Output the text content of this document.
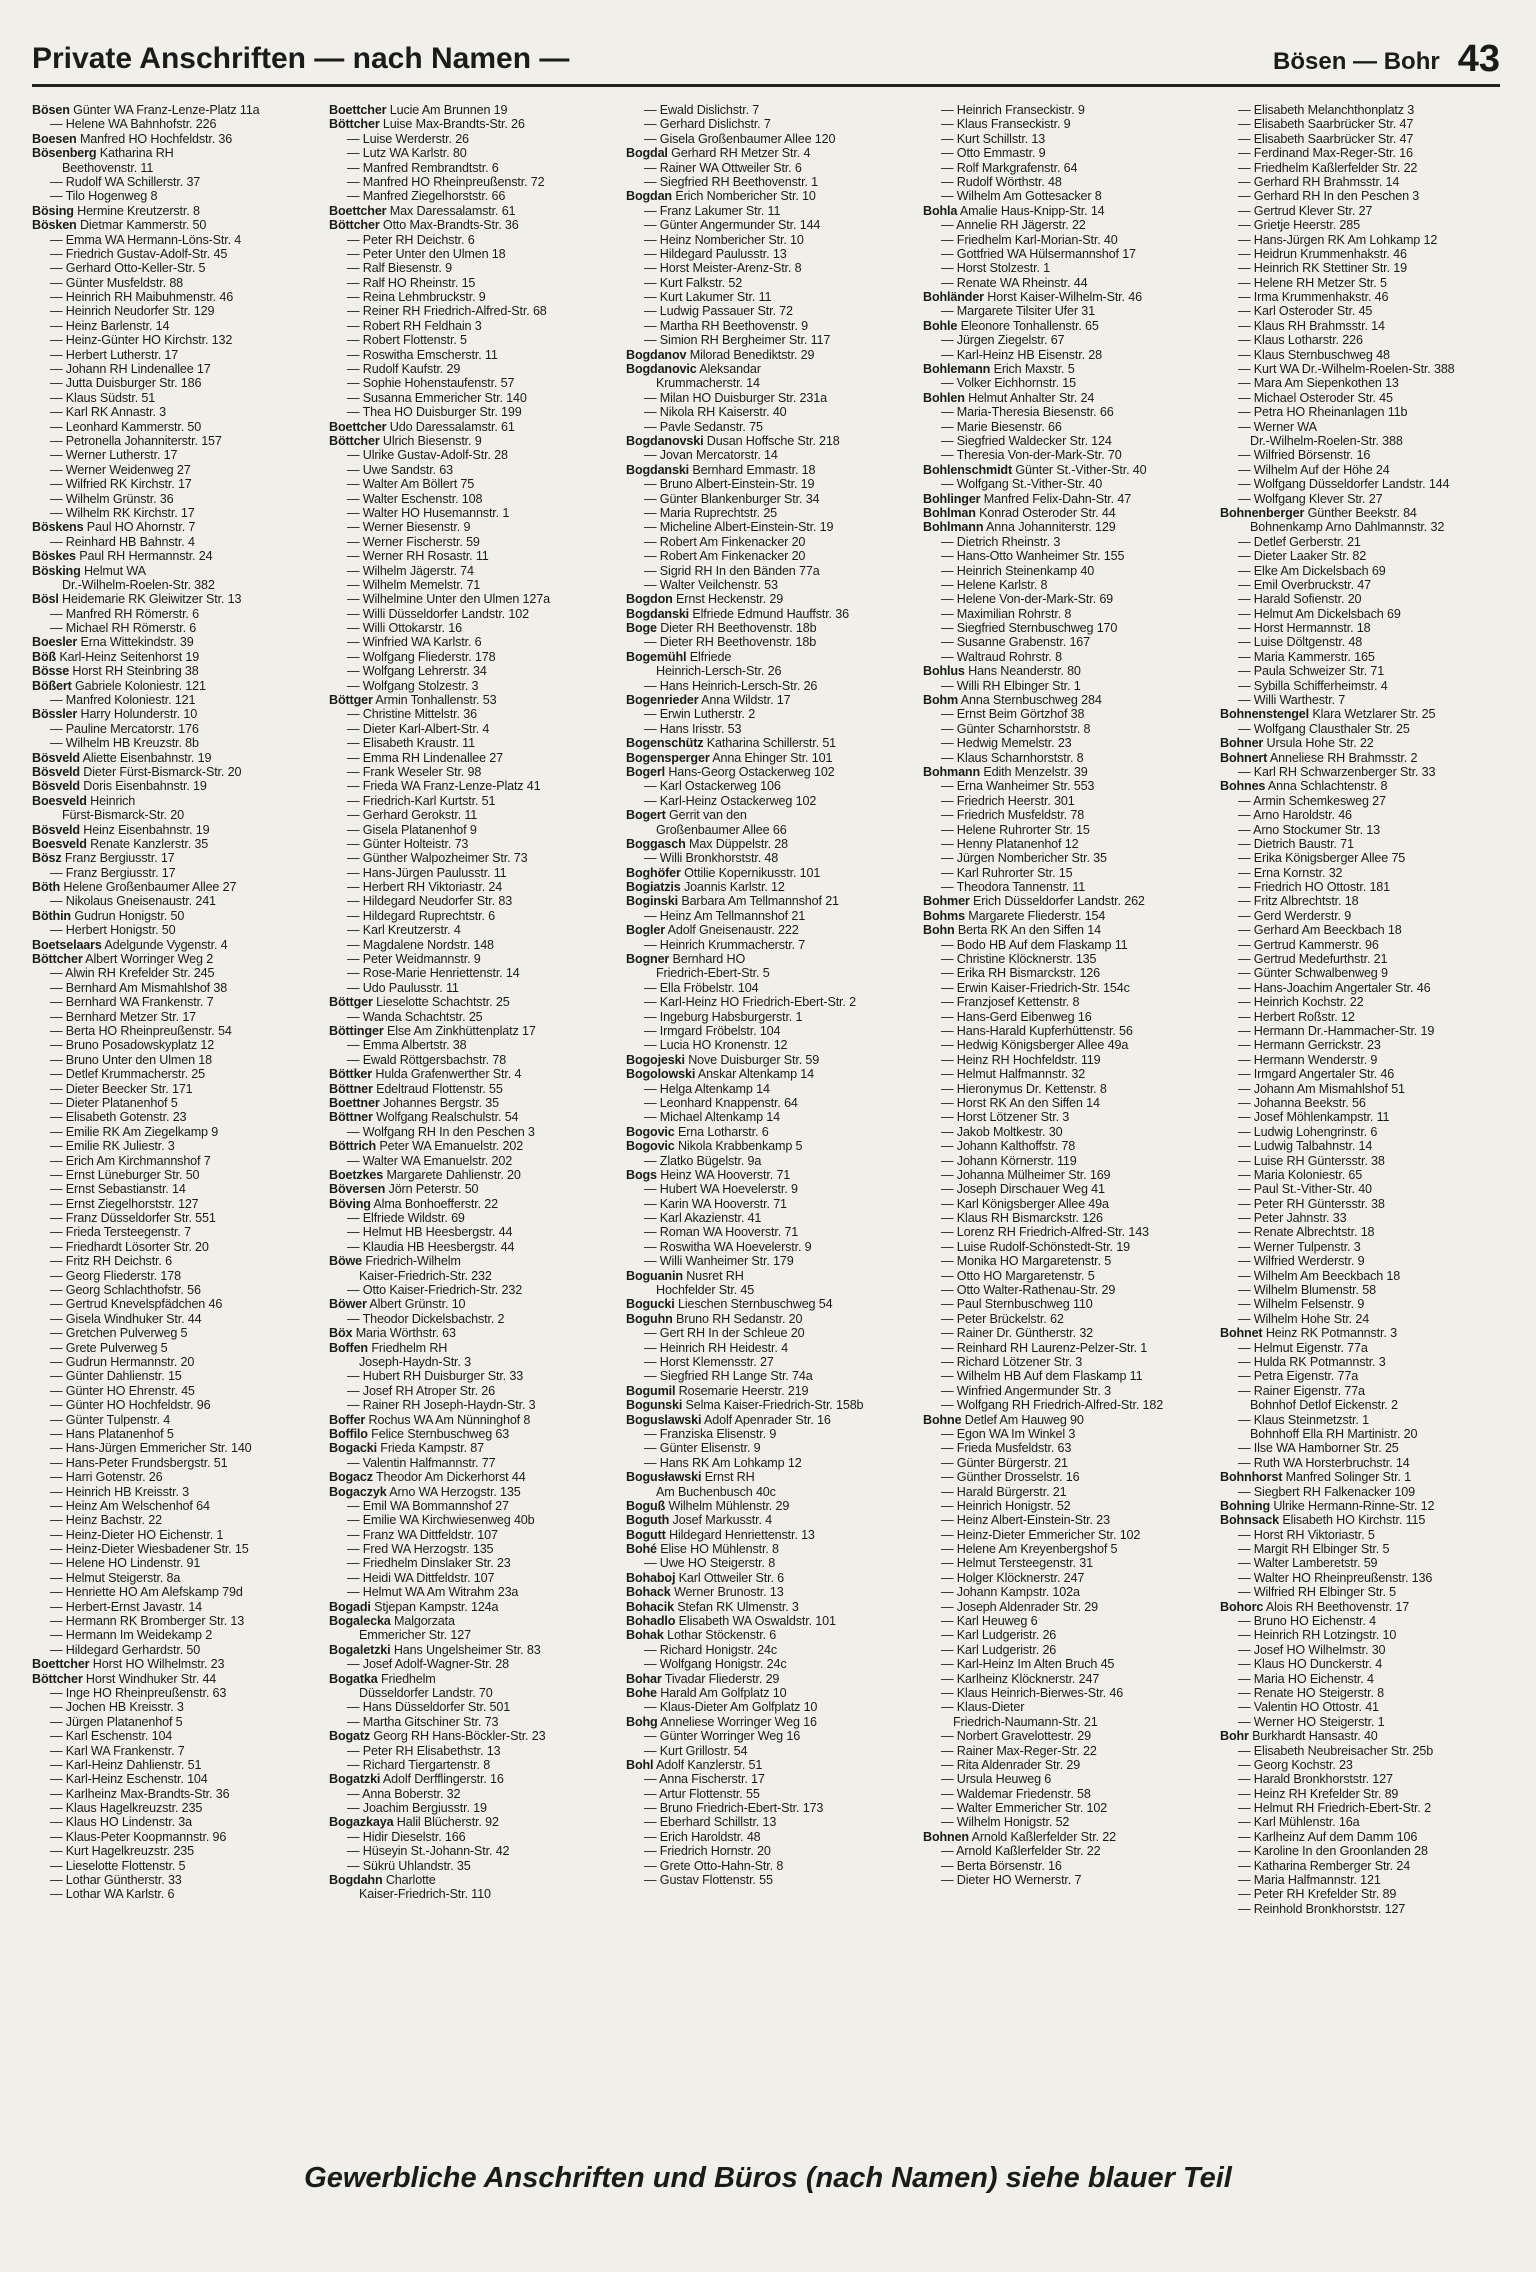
Private Anschriften — nach Namen —	Bösen — Bohr 43
Bösen Günter WA Franz-Lenze-Platz 11a
— Helene WA Bahnhofstr. 226
Boesen Manfred HO Hochfeldstr. 36
Bösenberg Katharina RH
Beethovenstr. 11
— Rudolf WA Schillerstr. 37
— Tilo Hogenweg 8
Bösing Hermine Kreutzerstr. 8
Bösken Dietmar Kammerstr. 50
— Emma WA Hermann-Löns-Str. 4
— Friedrich Gustav-Adolf-Str. 45
— Gerhard Otto-Keller-Str. 5
— Günter Musfeldstr. 88
— Heinrich RH Maibuhmenstr. 46
— Heinrich Neudorfer Str. 129
— Heinz Barlenstr. 14
— Heinz-Günter HO Kirchstr. 132
— Herbert Lutherstr. 17
— Johann RH Lindenallee 17
— Jutta Duisburger Str. 186
— Klaus Südstr. 51
— Karl RK Annastr. 3
— Leonhard Kammerstr. 50
— Petronella Johanniterstr. 157
— Werner Lutherstr. 17
— Werner Weidenweg 27
— Wilfried RK Kirchstr. 17
— Wilhelm Grünstr. 36
— Wilhelm RK Kirchstr. 17
Böskens Paul HO Ahornstr. 7
— Reinhard HB Bahnstr. 4
Böskes Paul RH Hermannstr. 24
Bösking Helmut WA
Dr.-Wilhelm-Roelen-Str. 382
Bösl Heidemarie RK Gleiwitzer Str. 13
— Manfred RH Römerstr. 6
— Michael RH Römerstr. 6
Boesler Erna Wittekindstr. 39
Böß Karl-Heinz Seitenhorst 19
Bösse Horst RH Steinbring 38
Bößert Gabriele Koloniestr. 121
— Manfred Koloniestr. 121
Bössler Harry Holunderstr. 10
— Pauline Mercatorstr. 176
— Wilhelm HB Kreuzstr. 8b
Bösveld Aliette Eisenbahnstr. 19
Bösveld Dieter Fürst-Bismarck-Str. 20
Bösveld Doris Eisenbahnstr. 19
Boesveld Heinrich
Fürst-Bismarck-Str. 20
Bösveld Heinz Eisenbahnstr. 19
Boesveld Renate Kanzlerstr. 35
Bösz Franz Bergiusstr. 17
— Franz Bergiusstr. 17
Böth Helene Großenbaumer Allee 27
— Nikolaus Gneisenaustr. 241
Böthin Gudrun Honigstr. 50
— Herbert Honigstr. 50
Boetselaars Adelgunde Vygenstr. 4
Böttcher Albert Worringer Weg 2
— Alwin RH Krefelder Str. 245
— Bernhard Am Mismahlshof 38
— Bernhard WA Frankenstr. 7
— Bernhard Metzer Str. 17
— Berta HO Rheinpreußenstr. 54
— Bruno Posadowskyplatz 12
— Bruno Unter den Ulmen 18
— Detlef Krummacherstr. 25
— Dieter Beecker Str. 171
— Dieter Platanenhof 5
— Elisabeth Gotenstr. 23
— Emilie RK Am Ziegelkamp 9
— Emilie RK Juliestr. 3
— Erich Am Kirchmannshof 7
— Ernst Lüneburger Str. 50
— Ernst Sebastianstr. 14
— Ernst Ziegelhorststr. 127
— Franz Düsseldorfer Str. 551
— Frieda Tersteegenstr. 7
— Friedhardt Lösorter Str. 20
— Fritz RH Deichstr. 6
— Georg Fliederstr. 178
— Georg Schlachthofstr. 56
— Gertrud Knevelspfädchen 46
— Gisela Windhuker Str. 44
— Gretchen Pulverweg 5
— Grete Pulverweg 5
— Gudrun Hermannstr. 20
— Günter Dahlienstr. 15
— Günter HO Ehrenstr. 45
— Günter HO Hochfeldstr. 96
— Günter Tulpenstr. 4
— Hans Platanenhof 5
— Hans-Jürgen Emmericher Str. 140
— Hans-Peter Frundsbergstr. 51
— Harri Gotenstr. 26
— Heinrich HB Kreisstr. 3
— Heinz Am Welschenhof 64
— Heinz Bachstr. 22
— Heinz-Dieter HO Eichenstr. 1
— Heinz-Dieter Wiesbadener Str. 15
— Helene HO Lindenstr. 91
— Helmut Steigerstr. 8a
— Henriette HO Am Alefskamp 79d
— Herbert-Ernst Javastr. 14
— Hermann RK Bromberger Str. 13
— Hermann Im Weidekamp 2
— Hildegard Gerhardstr. 50
Boettcher Horst HO Wilhelmstr. 23
Böttcher Horst Windhuker Str. 44
— Inge HO Rheinpreußenstr. 63
— Jochen HB Kreisstr. 3
— Jürgen Platanenhof 5
— Karl Eschenstr. 104
— Karl WA Frankenstr. 7
— Karl-Heinz Dahlienstr. 51
— Karl-Heinz Eschenstr. 104
— Karlheinz Max-Brandts-Str. 36
— Klaus Hagelkreuzstr. 235
— Klaus HO Lindenstr. 3a
— Klaus-Peter Koopmannstr. 96
— Kurt Hagelkreuzstr. 235
— Lieselotte Flottenstr. 5
— Lothar Güntherstr. 33
— Lothar WA Karlstr. 6
Boettcher Lucie Am Brunnen 19
Böttcher Luise Max-Brandts-Str. 26
— Luise Werderstr. 26
— Lutz WA Karlstr. 80
— Manfred Rembrandtstr. 6
— Manfred HO Rheinpreußenstr. 72
— Manfred Ziegelhorststr. 66
Boettcher Max Daressalamstr. 61
Böttcher Otto Max-Brandts-Str. 36
— Peter RH Deichstr. 6
— Peter Unter den Ulmen 18
— Ralf Biesenstr. 9
— Ralf HO Rheinstr. 15
— Reina Lehmbruckstr. 9
— Reiner RH Friedrich-Alfred-Str. 68
— Robert RH Feldhain 3
— Robert Flottenstr. 5
— Roswitha Emscherstr. 11
— Rudolf Kaufstr. 29
— Sophie Hohenstaufenstr. 57
— Susanna Emmericher Str. 140
— Thea HO Duisburger Str. 199
Boettcher Udo Daressalamstr. 61
Böttcher Ulrich Biesenstr. 9
— Ulrike Gustav-Adolf-Str. 28
— Uwe Sandstr. 63
— Walter Am Böllert 75
— Walter Eschenstr. 108
— Walter HO Husemannstr. 1
— Werner Biesenstr. 9
— Werner Fischerstr. 59
— Werner RH Rosastr. 11
— Wilhelm Jägerstr. 74
— Wilhelm Memelstr. 71
— Wilhelmine Unter den Ulmen 127a
— Willi Düsseldorfer Landstr. 102
— Willi Ottokarstr. 16
— Winfried WA Karlstr. 6
— Wolfgang Fliederstr. 178
— Wolfgang Lehrerstr. 34
— Wolfgang Stolzestr. 3
Böttger Armin Tonhallenstr. 53
— Christine Mittelstr. 36
— Dieter Karl-Albert-Str. 4
— Elisabeth Kraustr. 11
— Emma RH Lindenallee 27
— Frank Weseler Str. 98
— Frieda WA Franz-Lenze-Platz 41
— Friedrich-Karl Kurtstr. 51
— Gerhard Gerokstr. 11
— Gisela Platanenhof 9
— Günter Holteistr. 73
— Günther Walpozheimer Str. 73
— Hans-Jürgen Paulusstr. 11
— Herbert RH Viktoriastr. 24
— Hildegard Neudorfer Str. 83
— Hildegard Ruprechtstr. 6
— Karl Kreutzerstr. 4
— Magdalene Nordstr. 148
— Peter Weidmannstr. 9
— Rose-Marie Henriettenstr. 14
— Udo Paulusstr. 11
Böttger Lieselotte Schachtstr. 25
— Wanda Schachtstr. 25
Böttinger Else Am Zinkhüttenplatz 17
— Emma Albertstr. 38
— Ewald Röttgersbachstr. 78
Böttker Hulda Grafenwerther Str. 4
Böttner Edeltraud Flottenstr. 55
Boettner Johannes Bergstr. 35
Böttner Wolfgang Realschulstr. 54
— Wolfgang RH In den Peschen 3
Böttrich Peter WA Emanuelstr. 202
— Walter WA Emanuelstr. 202
Boetzkes Margarete Dahlienstr. 20
Böversen Jörn Peterstr. 50
Böving Alma Bonhoefferstr. 22
— Elfriede Wildstr. 69
— Helmut HB Heesbergstr. 44
— Klaudia HB Heesbergstr. 44
Böwe Friedrich-Wilhelm
Kaiser-Friedrich-Str. 232
— Otto Kaiser-Friedrich-Str. 232
Böwer Albert Grünstr. 10
— Theodor Dickelsbachstr. 2
Böx Maria Wörthstr. 63
Boffen Friedhelm RH
Joseph-Haydn-Str. 3
— Hubert RH Duisburger Str. 33
— Josef RH Atroper Str. 26
— Rainer RH Joseph-Haydn-Str. 3
Boffer Rochus WA Am Nünninghof 8
Boffilo Felice Sternbuschweg 63
Bogacki Frieda Kampstr. 87
— Valentin Halfmannstr. 77
Bogacz Theodor Am Dickerhorst 44
Bogaczyk Arno WA Herzogstr. 135
— Emil WA Bommannshof 27
— Emilie WA Kirchwiesenweg 40b
— Franz WA Dittfeldstr. 107
— Fred WA Herzogstr. 135
— Friedhelm Dinslaker Str. 23
— Heidi WA Dittfeldstr. 107
— Helmut WA Am Witrahm 23a
Bogadi Stjepan Kampstr. 124a
Bogalecka Malgorzata
Emmericher Str. 127
Bogaletzki Hans Ungelsheimer Str. 83
— Josef Adolf-Wagner-Str. 28
Bogatka Friedhelm
Düsseldorfer Landstr. 70
— Hans Düsseldorfer Str. 501
— Martha Gitschiner Str. 73
Bogatz Georg RH Hans-Böckler-Str. 23
— Peter RH Elisabethstr. 13
— Richard Tiergartenstr. 8
Bogatzki Adolf Derfflingerstr. 16
— Anna Boberstr. 32
— Joachim Bergiusstr. 19
Bogazkaya Halil Blücherstr. 92
— Hidir Dieselstr. 166
— Hüseyin St.-Johann-Str. 42
— Sükrü Uhlandstr. 35
Bogdahn Charlotte
Kaiser-Friedrich-Str. 110
— Ewald Dislichstr. 7
— Gerhard Dislichstr. 7
— Gisela Großenbaumer Allee 120
Bogdal Gerhard RH Metzer Str. 4
— Rainer WA Ottweiler Str. 6
— Siegfried RH Beethovenstr. 1
Bogdan Erich Nombericher Str. 10
— Franz Lakumer Str. 11
— Günter Angermunder Str. 144
— Heinz Nombericher Str. 10
— Hildegard Paulusstr. 13
— Horst Meister-Arenz-Str. 8
— Kurt Falkstr. 52
— Kurt Lakumer Str. 11
— Ludwig Passauer Str. 72
— Martha RH Beethovenstr. 9
— Simion RH Bergheimer Str. 117
Bogdanov Milorad Benediktstr. 29
Bogdanovic Aleksandar
Krummacherstr. 14
— Milan HO Duisburger Str. 231a
— Nikola RH Kaiserstr. 40
— Pavle Sedanstr. 75
Bogdanovski Dusan Hoffsche Str. 218
— Jovan Mercatorstr. 14
Bogdanski Bernhard Emmastr. 18
— Bruno Albert-Einstein-Str. 19
— Günter Blankenburger Str. 34
— Maria Ruprechtstr. 25
— Micheline Albert-Einstein-Str. 19
— Robert Am Finkenacker 20
— Robert Am Finkenacker 20
— Sigrid RH In den Bänden 77a
— Walter Veilchenstr. 53
Bogdon Ernst Heckenstr. 29
Bogdanski Elfriede Edmund Hauffstr. 36
Boge Dieter RH Beethovenstr. 18b
— Dieter RH Beethovenstr. 18b
Bogemühl Elfriede
Heinrich-Lersch-Str. 26
— Hans Heinrich-Lersch-Str. 26
Bogenrieder Anna Wildstr. 17
— Erwin Lutherstr. 2
— Hans Irisstr. 53
Bogenschütz Katharina Schillerstr. 51
Bogensperger Anna Ehinger Str. 101
Bogerl Hans-Georg Ostackerweg 102
— Karl Ostackerweg 106
— Karl-Heinz Ostackerweg 102
Bogert Gerrit van den
Großenbaumer Allee 66
Boggasch Max Düppelstr. 28
— Willi Bronkhorststr. 48
Boghöfer Ottilie Kopernikusstr. 101
Bogiatzis Joannis Karlstr. 12
Boginski Barbara Am Tellmannshof 21
— Heinz Am Tellmannshof 21
Bogler Adolf Gneisenaustr. 222
— Heinrich Krummacherstr. 7
Bogner Bernhard HO
Friedrich-Ebert-Str. 5
— Ella Fröbelstr. 104
— Karl-Heinz HO Friedrich-Ebert-Str. 2
— Ingeburg Habsburgerstr. 1
— Irmgard Fröbelstr. 104
— Lucia HO Kronenstr. 12
Bogojeski Nove Duisburger Str. 59
Bogolowski Anskar Altenkamp 14
— Helga Altenkamp 14
— Leonhard Knappenstr. 64
— Michael Altenkamp 14
Bogovic Erna Lotharstr. 6
Bogovic Nikola Krabbenkamp 5
— Zlatko Bügelstr. 9a
Bogs Heinz WA Hooverstr. 71
— Hubert WA Hoevelerstr. 9
— Karin WA Hooverstr. 71
— Karl Akazienstr. 41
— Roman WA Hooverstr. 71
— Roswitha WA Hoevelerstr. 9
— Willi Wanheimer Str. 179
Boguanin Nusret RH
Hochfelder Str. 45
Bogucki Lieschen Sternbuschweg 54
Boguhn Bruno RH Sedanstr. 20
— Gert RH In der Schleue 20
— Heinrich RH Heidestr. 4
— Horst Klemensstr. 27
— Siegfried RH Lange Str. 74a
Bogumil Rosemarie Heerstr. 219
Bogunski Selma Kaiser-Friedrich-Str. 158b
Boguslawski Adolf Apenrader Str. 16
— Franziska Elisenstr. 9
— Günter Elisenstr. 9
— Hans RK Am Lohkamp 12
Bogusławski Ernst RH
Am Buchenbusch 40c
Boguß Wilhelm Mühlenstr. 29
Boguth Josef Markusstr. 4
Bogutt Hildegard Henriettenstr. 13
Bohé Elise HO Mühlenstr. 8
— Uwe HO Steigerstr. 8
Bohaboj Karl Ottweiler Str. 6
Bohack Werner Brunostr. 13
Bohacik Stefan RK Ulmenstr. 3
Bohadlo Elisabeth WA Oswaldstr. 101
Bohak Lothar Stöckenstr. 6
— Richard Honigstr. 24c
— Wolfgang Honigstr. 24c
Bohar Tivadar Fliederstr. 29
Bohe Harald Am Golfplatz 10
— Klaus-Dieter Am Golfplatz 10
Bohg Anneliese Worringer Weg 16
— Günter Worringer Weg 16
— Kurt Grillostr. 54
Bohl Adolf Kanzlerstr. 51
— Anna Fischerstr. 17
— Artur Flottenstr. 55
— Bruno Friedrich-Ebert-Str. 173
— Eberhard Schillstr. 13
— Erich Haroldstr. 48
— Friedrich Hornstr. 20
— Grete Otto-Hahn-Str. 8
— Gustav Flottenstr. 55
— Heinrich Franseckistr. 9
— Klaus Franseckistr. 9
— Kurt Schillstr. 13
— Otto Emmastr. 9
— Rolf Markgrafenstr. 64
— Rudolf Wörthstr. 48
— Wilhelm Am Gottesacker 8
Bohla Amalie Haus-Knipp-Str. 14
— Annelie RH Jägerstr. 22
— Friedhelm Karl-Morian-Str. 40
— Gottfried WA Hülsermannshof 17
— Horst Stolzestr. 1
— Renate WA Rheinstr. 44
Bohländer Horst Kaiser-Wilhelm-Str. 46
— Margarete Tilsiter Ufer 31
Bohle Eleonore Tonhallenstr. 65
— Jürgen Ziegelstr. 67
— Karl-Heinz HB Eisenstr. 28
Bohlemann Erich Maxstr. 5
— Volker Eichhornstr. 15
Bohlen Helmut Anhalter Str. 24
— Maria-Theresia Biesenstr. 66
— Marie Biesenstr. 66
— Siegfried Waldecker Str. 124
— Theresia Von-der-Mark-Str. 70
Bohlenschmidt Günter St.-Vither-Str. 40
— Wolfgang St.-Vither-Str. 40
Bohlinger Manfred Felix-Dahn-Str. 47
Bohlman Konrad Osteroder Str. 44
Bohlmann Anna Johanniterstr. 129
— Dietrich Rheinstr. 3
— Hans-Otto Wanheimer Str. 155
— Heinrich Steinenkamp 40
— Helene Karlstr. 8
— Helene Von-der-Mark-Str. 69
— Maximilian Rohrstr. 8
— Siegfried Sternbuschweg 170
— Susanne Grabenstr. 167
— Waltraud Rohrstr. 8
Bohlus Hans Neanderstr. 80
— Willi RH Elbinger Str. 1
Bohm Anna Sternbuschweg 284
— Ernst Beim Görtzhof 38
— Günter Scharnhorststr. 8
— Hedwig Memelstr. 23
— Klaus Scharnhorststr. 8
Bohmann Edith Menzelstr. 39
— Erna Wanheimer Str. 553
— Friedrich Heerstr. 301
— Friedrich Musfeldstr. 78
— Helene Ruhrorter Str. 15
— Henny Platanenhof 12
— Jürgen Nombericher Str. 35
— Karl Ruhrorter Str. 15
— Theodora Tannenstr. 11
Bohmer Erich Düsseldorfer Landstr. 262
Bohms Margarete Fliederstr. 154
Bohn Berta RK An den Siffen 14
— Bodo HB Auf dem Flaskamp 11
— Christine Klöcknerstr. 135
— Erika RH Bismarckstr. 126
— Erwin Kaiser-Friedrich-Str. 154c
— Franzjosef Kettenstr. 8
— Hans-Gerd Eibenweg 16
— Hans-Harald Kupferhüttenstr. 56
— Hedwig Königsberger Allee 49a
— Heinz RH Hochfeldstr. 119
— Helmut Halfmannstr. 32
— Hieronymus Dr. Kettenstr. 8
— Horst RK An den Siffen 14
— Horst Lötzener Str. 3
— Jakob Moltkestr. 30
— Johann Kalthoffstr. 78
— Johann Körnerstr. 119
— Johanna Mülheimer Str. 169
— Joseph Dirschauer Weg 41
— Karl Königsberger Allee 49a
— Klaus RH Bismarckstr. 126
— Lorenz RH Friedrich-Alfred-Str. 143
— Luise Rudolf-Schönstedt-Str. 19
— Monika HO Margaretenstr. 5
— Otto HO Margaretenstr. 5
— Otto Walter-Rathenau-Str. 29
— Paul Sternbuschweg 110
— Peter Brückelstr. 62
— Rainer Dr. Güntherstr. 32
— Reinhard RH Laurenz-Pelzer-Str. 1
— Richard Lötzener Str. 3
— Wilhelm HB Auf dem Flaskamp 11
— Winfried Angermunder Str. 3
— Wolfgang RH Friedrich-Alfred-Str. 182
Bohne Detlef Am Hauweg 90
— Egon WA Im Winkel 3
— Frieda Musfeldstr. 63
— Günter Bürgerstr. 21
— Günther Drosselstr. 16
— Harald Bürgerstr. 21
— Heinrich Honigstr. 52
— Heinz Albert-Einstein-Str. 23
— Heinz-Dieter Emmericher Str. 102
— Helene Am Kreyenbergshof 5
— Helmut Tersteegenstr. 31
— Holger Klöcknerstr. 247
— Johann Kampstr. 102a
— Joseph Aldenrader Str. 29
— Karl Heuweg 6
— Karl Ludgeristr. 26
— Karl Ludgeristr. 26
— Karl-Heinz Im Alten Bruch 45
— Karlheinz Klöcknerstr. 247
— Klaus Heinrich-Bierwes-Str. 46
— Klaus-Dieter
Friedrich-Naumann-Str. 21
— Norbert Gravelottestr. 29
— Rainer Max-Reger-Str. 22
— Rita Aldenrader Str. 29
— Ursula Heuweg 6
— Waldemar Friedenstr. 58
— Walter Emmericher Str. 102
— Wilhelm Honigstr. 52
Bohnen Arnold Kaßlerfelder Str. 22
— Arnold Kaßlerfelder Str. 22
— Berta Börsenstr. 16
— Dieter HO Wernerstr. 7
— Elisabeth Melanchthonplatz 3
— Elisabeth Saarbrücker Str. 47
— Elisabeth Saarbrücker Str. 47
— Ferdinand Max-Reger-Str. 16
— Friedhelm Kaßlerfelder Str. 22
— Gerhard RH Brahmsstr. 14
— Gerhard RH In den Peschen 3
— Gertrud Klever Str. 27
— Grietje Heerstr. 285
— Hans-Jürgen RK Am Lohkamp 12
— Heidrun Krummenhakstr. 46
— Heinrich RK Stettiner Str. 19
— Helene RH Metzer Str. 5
— Irma Krummenhakstr. 46
— Karl Osteroder Str. 45
— Klaus RH Brahmsstr. 14
— Klaus Lotharstr. 226
— Klaus Sternbuschweg 48
— Kurt WA Dr.-Wilhelm-Roelen-Str. 388
— Mara Am Siepenkothen 13
— Michael Osteroder Str. 45
— Petra HO Rheinanlagen 11b
— Werner WA
Dr.-Wilhelm-Roelen-Str. 388
— Wilfried Börsenstr. 16
— Wilhelm Auf der Höhe 24
— Wolfgang Düsseldorfer Landstr. 144
— Wolfgang Klever Str. 27
Bohnenberger Günther Beekstr. 84
Bohnenkamp Arno Dahlmannstr. 32
— Detlef Gerberstr. 21
— Dieter Laaker Str. 82
— Elke Am Dickelsbach 69
— Emil Overbruckstr. 47
— Harald Sofienstr. 20
— Helmut Am Dickelsbach 69
— Horst Hermannstr. 18
— Luise Döltgenstr. 48
— Maria Kammerstr. 165
— Paula Schweizer Str. 71
— Sybilla Schifferheimstr. 4
— Willi Warthestr. 7
Bohnenstengel Klara Wetzlarer Str. 25
— Wolfgang Clausthaler Str. 25
Bohner Ursula Hohe Str. 22
Bohnert Anneliese RH Brahmsstr. 2
— Karl RH Schwarzenberger Str. 33
Bohnes Anna Schlachtenstr. 8
— Armin Schemkesweg 27
— Arno Haroldstr. 46
— Arno Stockumer Str. 13
— Dietrich Baustr. 71
— Erika Königsberger Allee 75
— Erna Kornstr. 32
— Friedrich HO Ottostr. 181
— Fritz Albrechtstr. 18
— Gerd Werderstr. 9
— Gerhard Am Beeckbach 18
— Gertrud Kammerstr. 96
— Gertrud Medefurthstr. 21
— Günter Schwalbenweg 9
— Hans-Joachim Angertaler Str. 46
— Heinrich Kochstr. 22
— Herbert Roßstr. 12
— Hermann Dr.-Hammacher-Str. 19
— Hermann Gerrickstr. 23
— Hermann Wenderstr. 9
— Irmgard Angertaler Str. 46
— Johann Am Mismahlshof 51
— Johanna Beekstr. 56
— Josef Möhlenkampstr. 11
— Ludwig Lohengrinstr. 6
— Ludwig Talbahnstr. 14
— Luise RH Güntersstr. 38
— Maria Koloniestr. 65
— Paul St.-Vither-Str. 40
— Peter RH Güntersstr. 38
— Peter Jahnstr. 33
— Renate Albrechtstr. 18
— Werner Tulpenstr. 3
— Wilfried Werderstr. 9
— Wilhelm Am Beeckbach 18
— Wilhelm Blumenstr. 58
— Wilhelm Felsenstr. 9
— Wilhelm Hohe Str. 24
Bohnet Heinz RK Potmannstr. 3
— Helmut Eigenstr. 77a
— Hulda RK Potmannstr. 3
— Petra Eigenstr. 77a
— Rainer Eigenstr. 77a
Bohnhof Detlof Eickenstr. 2
— Klaus Steinmetzstr. 1
Bohnhoff Ella RH Martinistr. 20
— Ilse WA Hamborner Str. 25
— Ruth WA Horsterbruchstr. 14
Bohnhorst Manfred Solinger Str. 1
— Siegbert RH Falkenacker 109
Bohning Ulrike Hermann-Rinne-Str. 12
Bohnsack Elisabeth HO Kirchstr. 115
— Horst RH Viktoriastr. 5
— Margit RH Elbinger Str. 5
— Walter Lamberetstr. 59
— Walter HO Rheinpreußenstr. 136
— Wilfried RH Elbinger Str. 5
Bohorc Alois RH Beethovenstr. 17
— Bruno HO Eichenstr. 4
— Heinrich RH Lotzingstr. 10
— Josef HO Wilhelmstr. 30
— Klaus HO Dunckerstr. 4
— Maria HO Eichenstr. 4
— Renate HO Steigerstr. 8
— Valentin HO Ottostr. 41
— Werner HO Steigerstr. 1
Bohr Burkhardt Hansastr. 40
— Elisabeth Neubreisacher Str. 25b
— Georg Kochstr. 23
— Harald Bronkhorststr. 127
— Heinz RH Krefelder Str. 89
— Helmut RH Friedrich-Ebert-Str. 2
— Karl Mühlenstr. 16a
— Karlheinz Auf dem Damm 106
— Karoline In den Groonlanden 28
— Katharina Remberger Str. 24
— Maria Halfmannstr. 121
— Peter RH Krefelder Str. 89
— Reinhold Bronkhorststr. 127
Gewerbliche Anschriften und Büros (nach Namen) siehe blauer Teil
